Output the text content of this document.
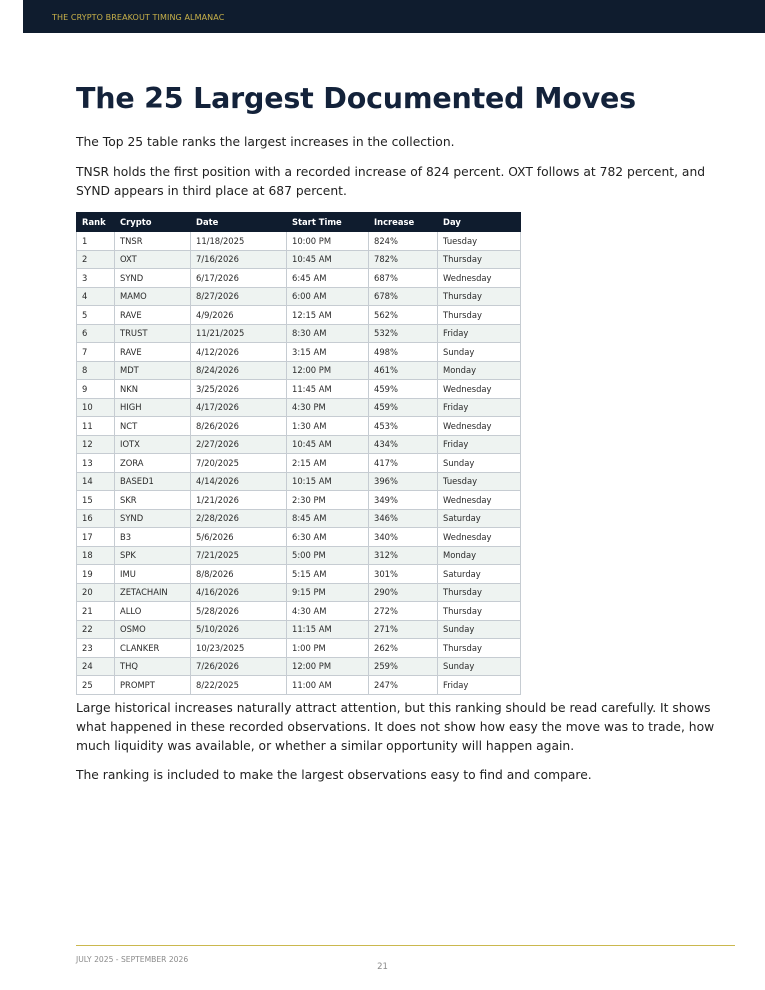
THE CRYPTO BREAKOUT TIMING ALMANAC
The 25 Largest Documented Moves

The Top 25 table ranks the largest increases in the collection.

TNSR holds the first position with a recorded increase of 824 percent. OXT follows at 782 percent, and SYND appears in third place at 687 percent.

Rank	Crypto	Date	Start Time	Increase	Day
1	TNSR	11/18/2025	10:00 PM	824%	Tuesday
2	OXT	7/16/2026	10:45 AM	782%	Thursday
3	SYND	6/17/2026	6:45 AM	687%	Wednesday
4	MAMO	8/27/2026	6:00 AM	678%	Thursday
5	RAVE	4/9/2026	12:15 AM	562%	Thursday
6	TRUST	11/21/2025	8:30 AM	532%	Friday
7	RAVE	4/12/2026	3:15 AM	498%	Sunday
8	MDT	8/24/2026	12:00 PM	461%	Monday
9	NKN	3/25/2026	11:45 AM	459%	Wednesday
10	HIGH	4/17/2026	4:30 PM	459%	Friday
11	NCT	8/26/2026	1:30 AM	453%	Wednesday
12	IOTX	2/27/2026	10:45 AM	434%	Friday
13	ZORA	7/20/2025	2:15 AM	417%	Sunday
14	BASED1	4/14/2026	10:15 AM	396%	Tuesday
15	SKR	1/21/2026	2:30 PM	349%	Wednesday
16	SYND	2/28/2026	8:45 AM	346%	Saturday
17	B3	5/6/2026	6:30 AM	340%	Wednesday
18	SPK	7/21/2025	5:00 PM	312%	Monday
19	IMU	8/8/2026	5:15 AM	301%	Saturday
20	ZETACHAIN	4/16/2026	9:15 PM	290%	Thursday
21	ALLO	5/28/2026	4:30 AM	272%	Thursday
22	OSMO	5/10/2026	11:15 AM	271%	Sunday
23	CLANKER	10/23/2025	1:00 PM	262%	Thursday
24	THQ	7/26/2026	12:00 PM	259%	Sunday
25	PROMPT	8/22/2025	11:00 AM	247%	Friday

Large historical increases naturally attract attention, but this ranking should be read carefully. It shows what happened in these recorded observations. It does not show how easy the move was to trade, how much liquidity was available, or whether a similar opportunity will happen again.

The ranking is included to make the largest observations easy to find and compare.

JULY 2025 - SEPTEMBER 2026
21
